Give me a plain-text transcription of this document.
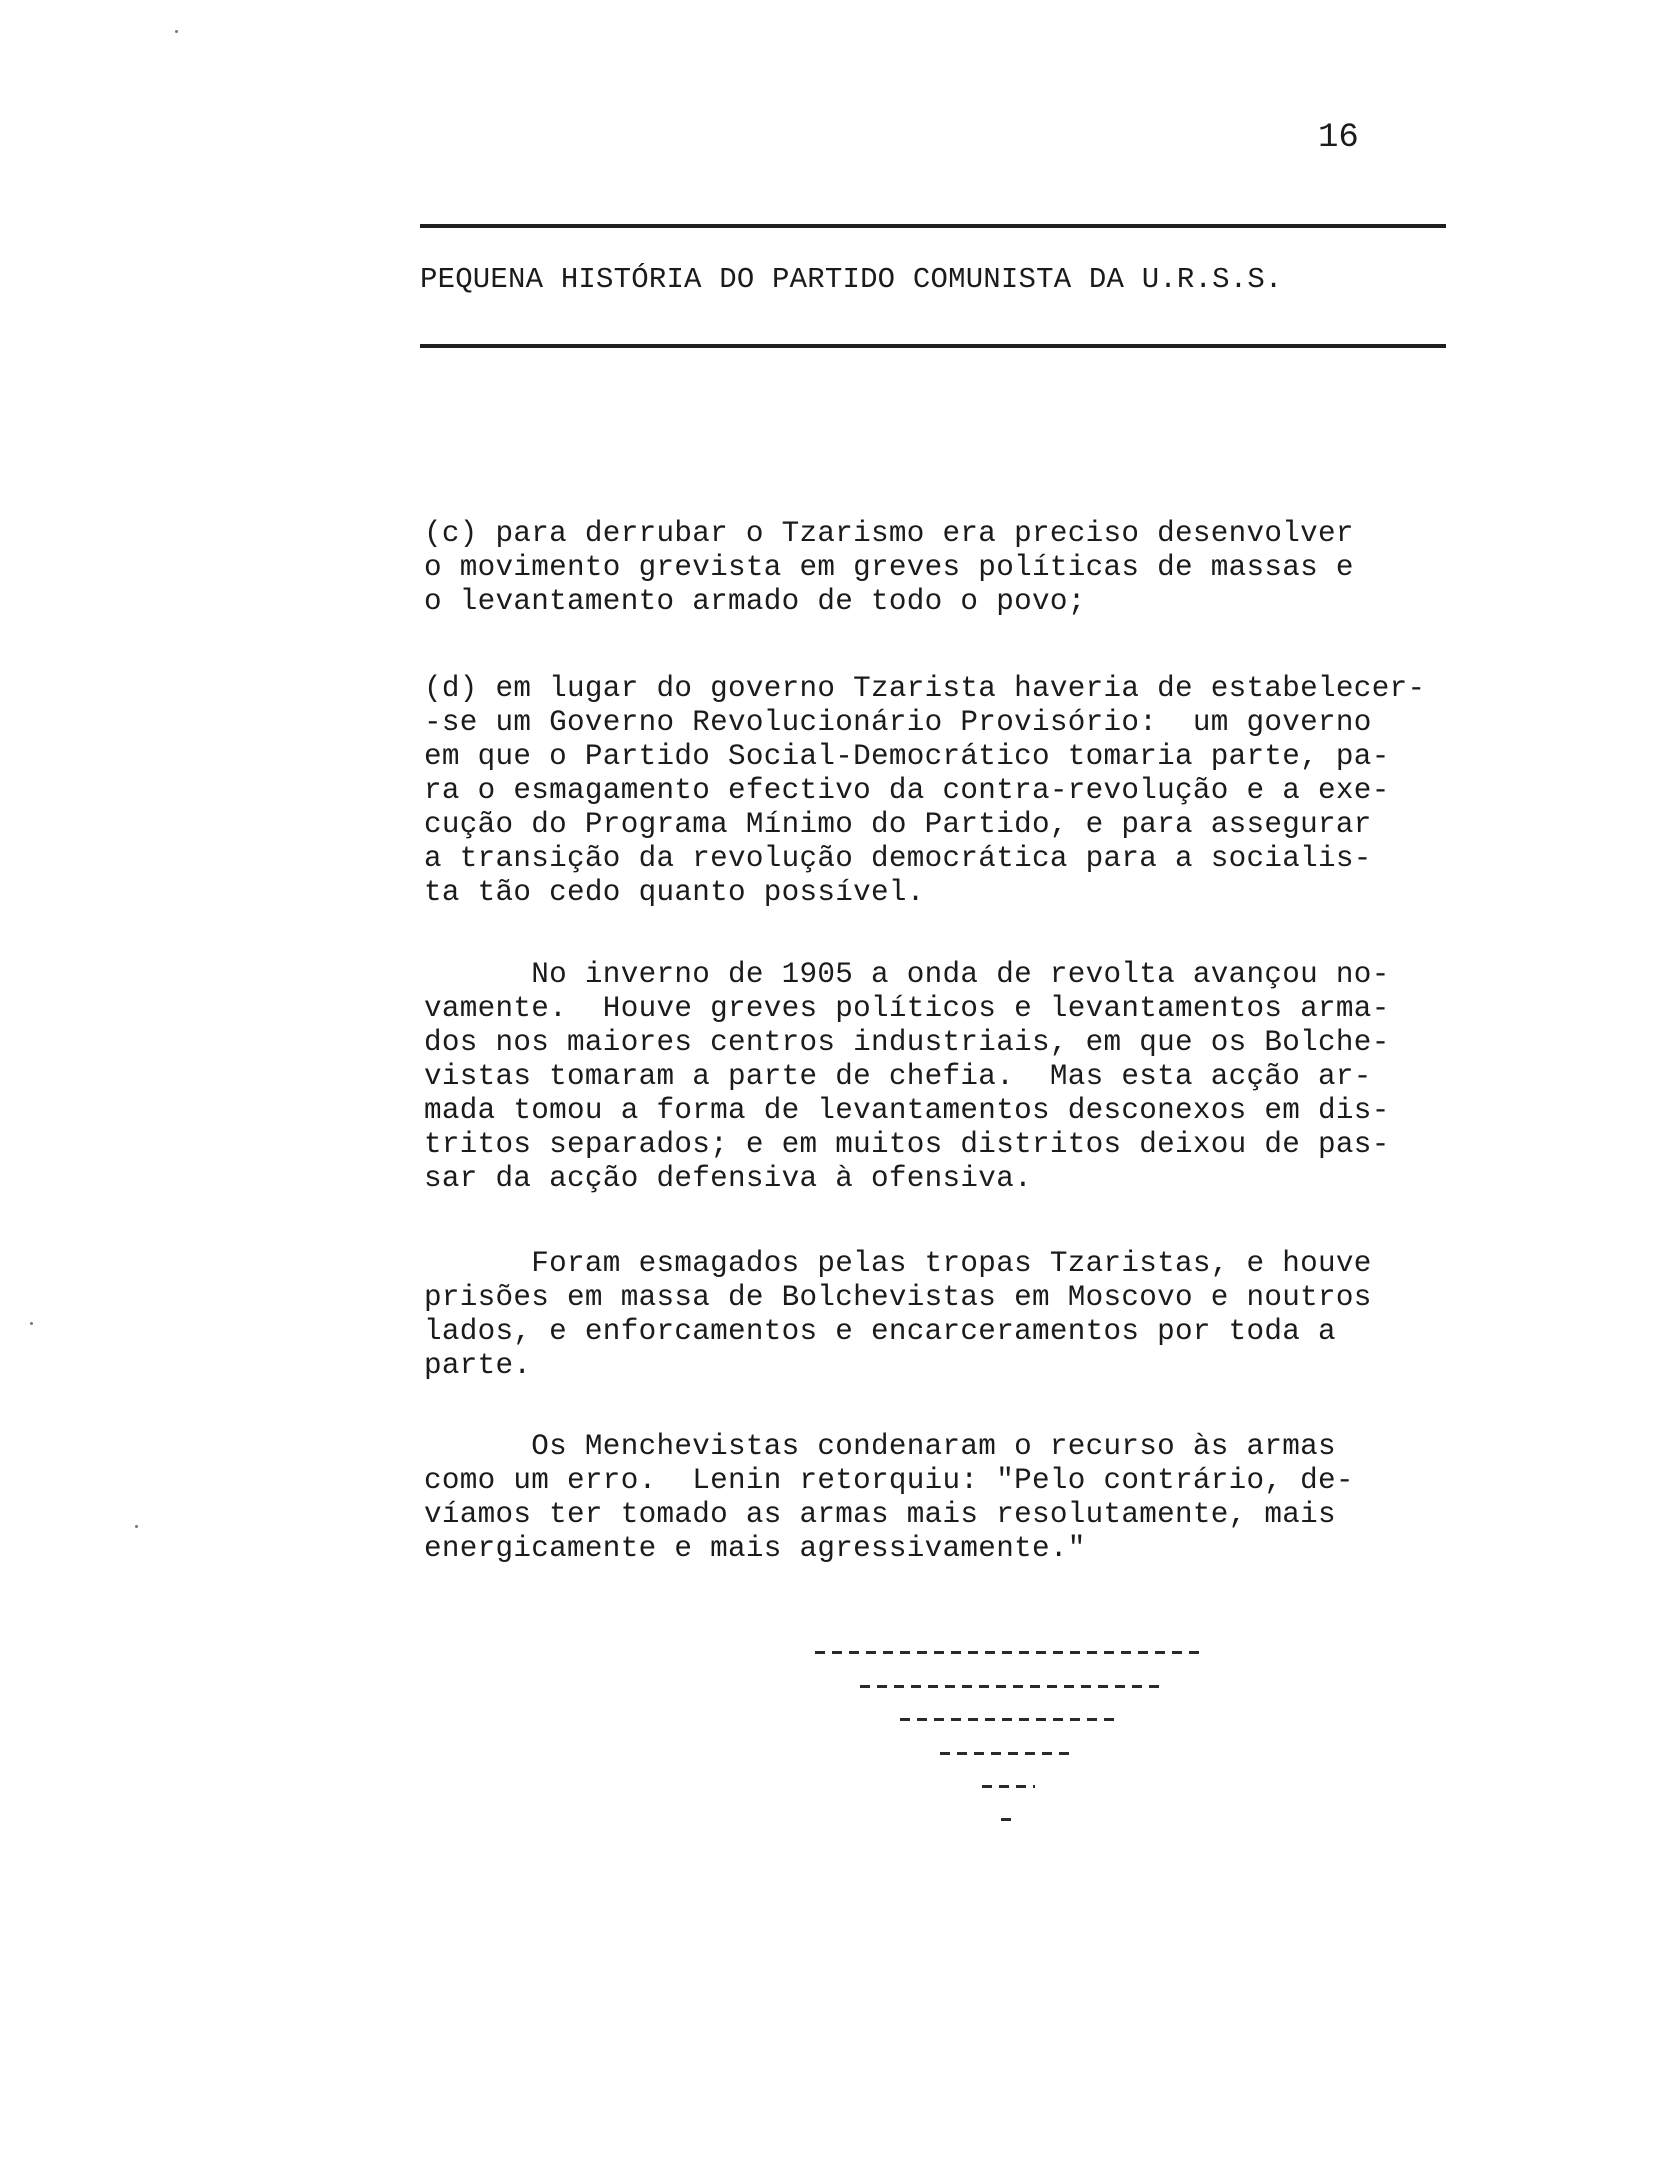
16
PEQUENA HISTÓRIA DO PARTIDO COMUNISTA DA U.R.S.S.

(c) para derrubar o Tzarismo era preciso desenvolver
o movimento grevista em greves políticas de massas e
o levantamento armado de todo o povo;

(d) em lugar do governo Tzarista haveria de estabelecer-
-se um Governo Revolucionário Provisório:  um governo
em que o Partido Social-Democrático tomaria parte, pa-
ra o esmagamento efectivo da contra-revolução e a exe-
cução do Programa Mínimo do Partido, e para assegurar
a transição da revolução democrática para a socialis-
ta tão cedo quanto possível.

No inverno de 1905 a onda de revolta avançou no-
vamente.  Houve greves políticos e levantamentos arma-
dos nos maiores centros industriais, em que os Bolche-
vistas tomaram a parte de chefia.  Mas esta acção ar-
mada tomou a forma de levantamentos desconexos em dis-
tritos separados; e em muitos distritos deixou de pas-
sar da acção defensiva à ofensiva.

Foram esmagados pelas tropas Tzaristas, e houve
prisões em massa de Bolchevistas em Moscovo e noutros
lados, e enforcamentos e encarceramentos por toda a
parte.

Os Menchevistas condenaram o recurso às armas
como um erro.  Lenin retorquiu: "Pelo contrário, de-
víamos ter tomado as armas mais resolutamente, mais
energicamente e mais agressivamente."
